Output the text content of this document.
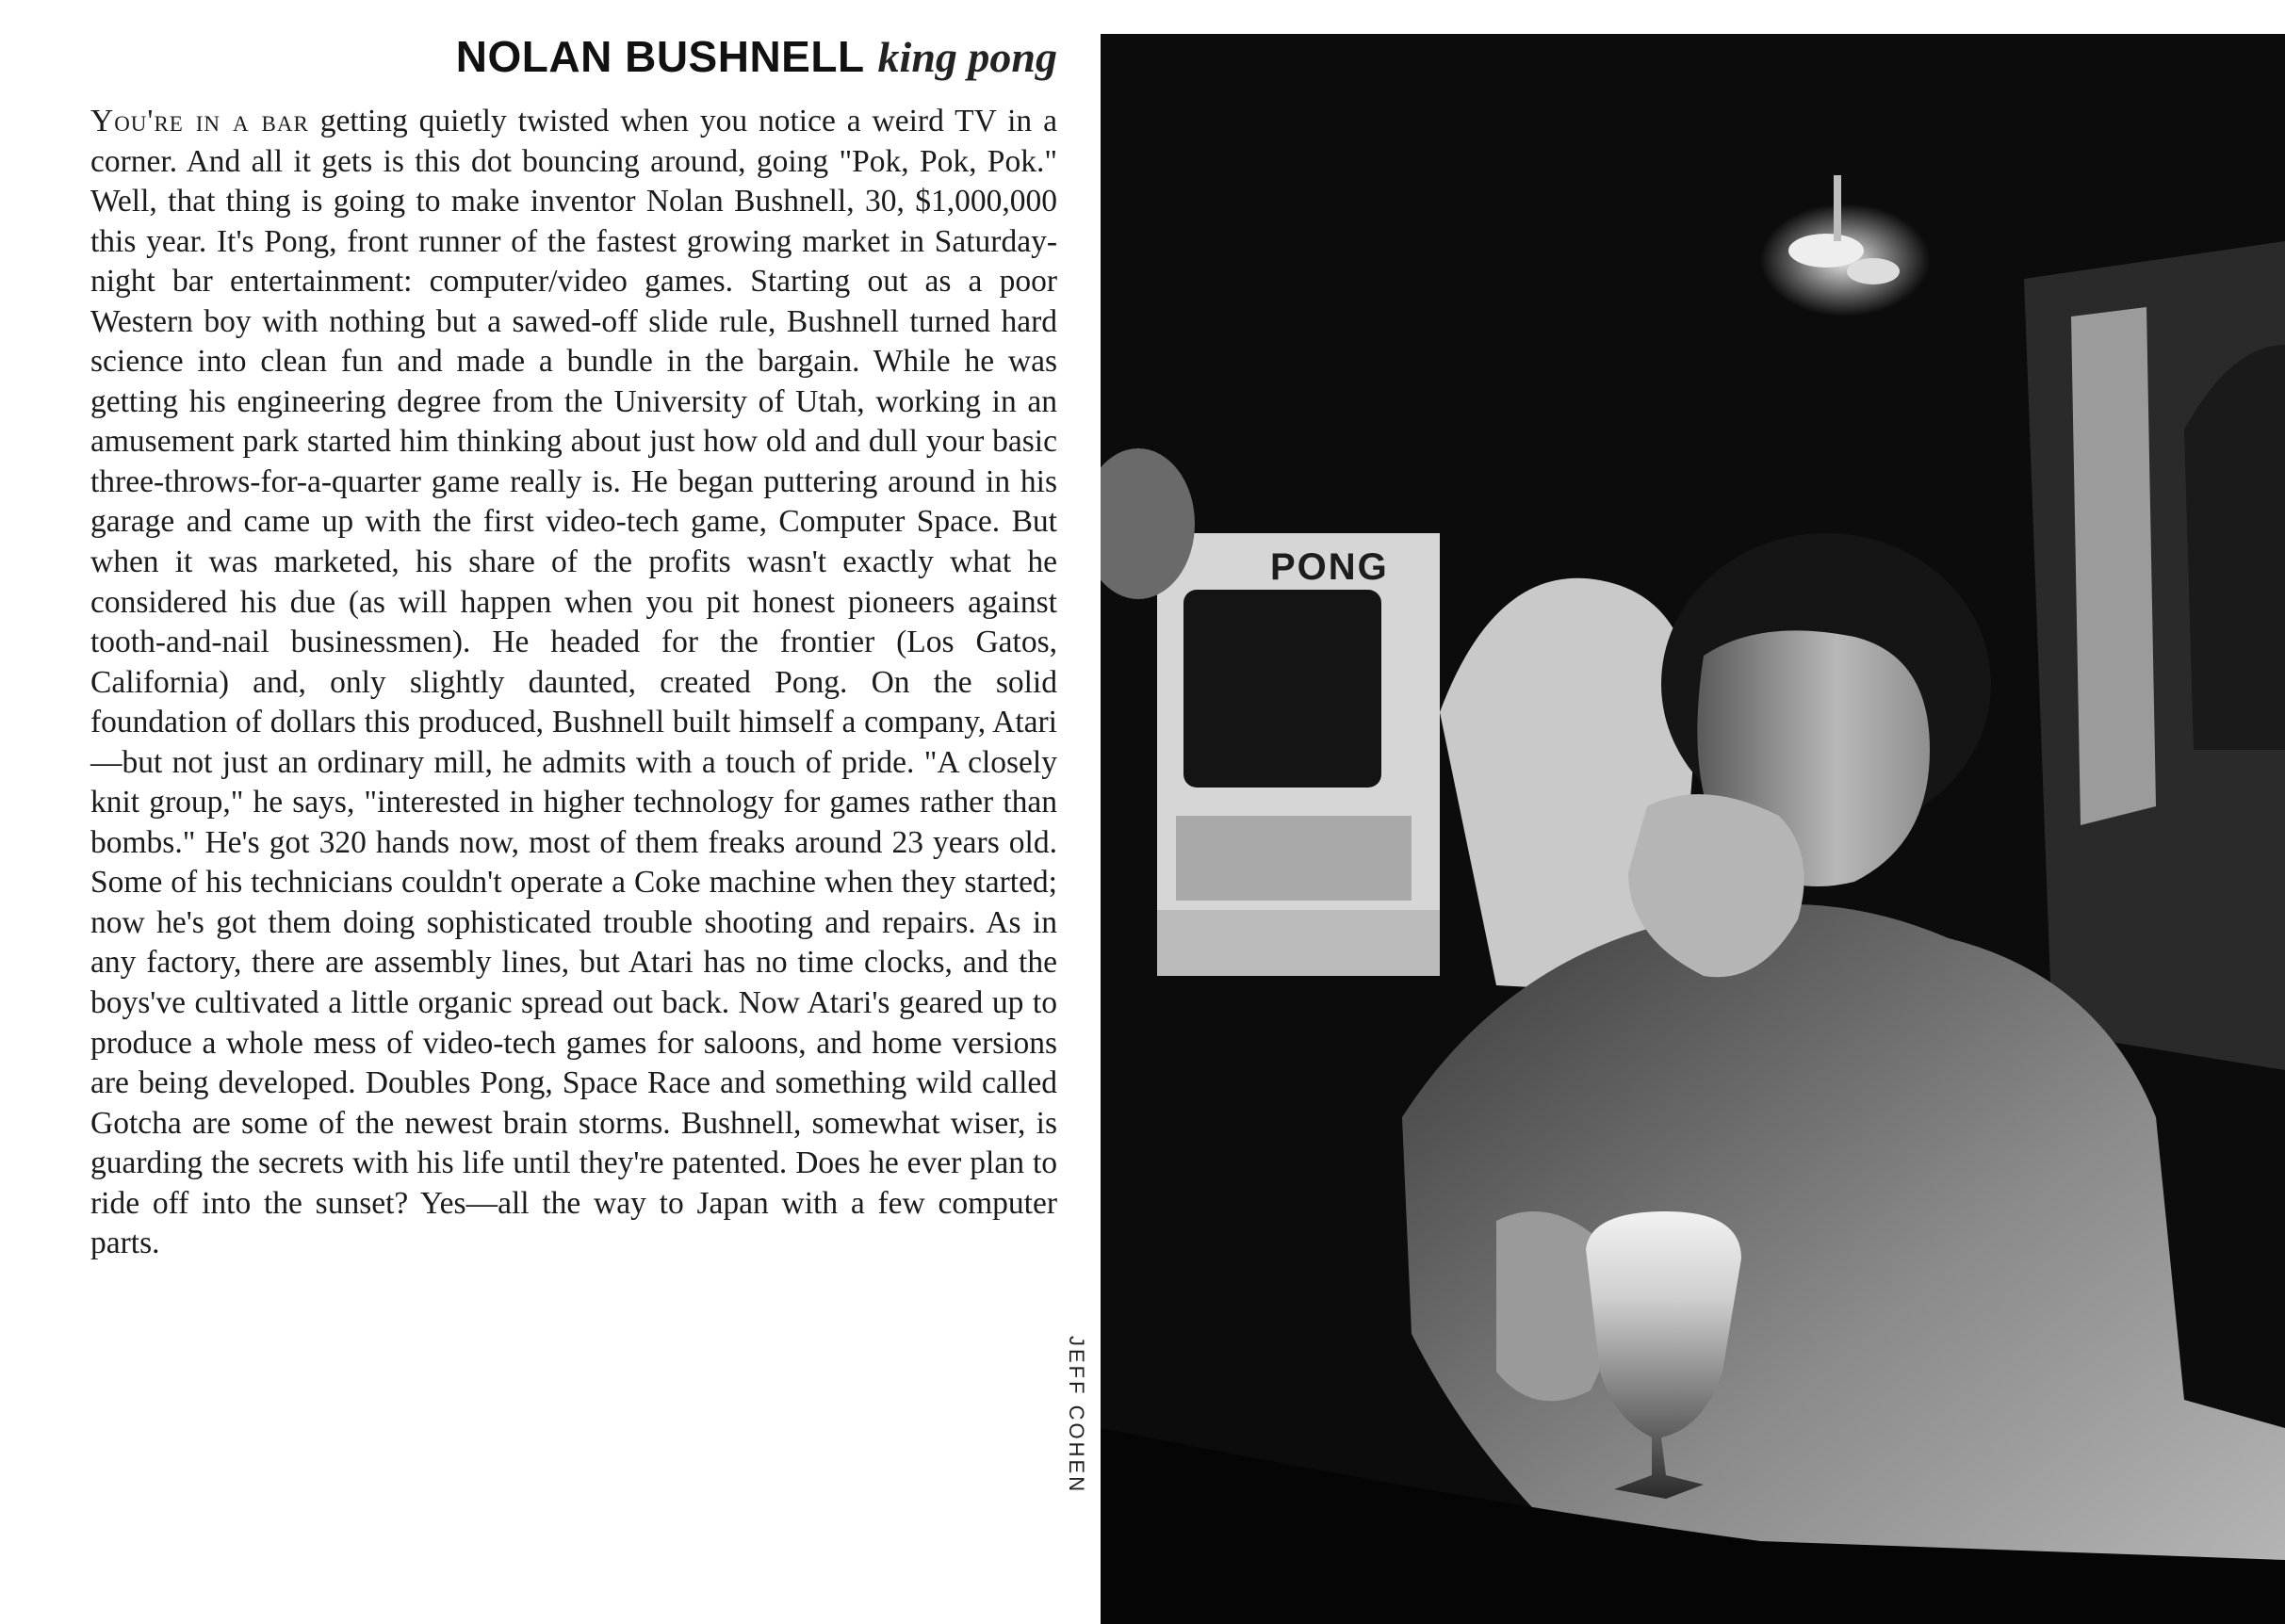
NOLAN BUSHNELL king pong

You're in a bar getting quietly twisted when you notice a weird TV in a corner. And all it gets is this dot bouncing around, going "Pok, Pok, Pok." Well, that thing is going to make inventor Nolan Bushnell, 30, $1,000,000 this year. It's Pong, front runner of the fastest growing market in Saturday-night bar entertainment: computer/video games. Starting out as a poor Western boy with nothing but a sawed-off slide rule, Bushnell turned hard science into clean fun and made a bundle in the bargain. While he was getting his engineering degree from the University of Utah, working in an amusement park started him thinking about just how old and dull your basic three-throws-for-a-quarter game really is. He began puttering around in his garage and came up with the first video-tech game, Computer Space. But when it was marketed, his share of the profits wasn't exactly what he considered his due (as will happen when you pit honest pioneers against tooth-and-nail businessmen). He headed for the frontier (Los Gatos, California) and, only slightly daunted, created Pong. On the solid foundation of dollars this produced, Bushnell built himself a company, Atari—but not just an ordinary mill, he admits with a touch of pride. "A closely knit group," he says, "interested in higher technology for games rather than bombs." He's got 320 hands now, most of them freaks around 23 years old. Some of his technicians couldn't operate a Coke machine when they started; now he's got them doing sophisticated trouble shooting and repairs. As in any factory, there are assembly lines, but Atari has no time clocks, and the boys've cultivated a little organic spread out back. Now Atari's geared up to produce a whole mess of video-tech games for saloons, and home versions are being developed. Doubles Pong, Space Race and something wild called Gotcha are some of the newest brain storms. Bushnell, somewhat wiser, is guarding the secrets with his life until they're patented. Does he ever plan to ride off into the sunset? Yes—all the way to Japan with a few computer parts.

JEFF COHEN
PONG
